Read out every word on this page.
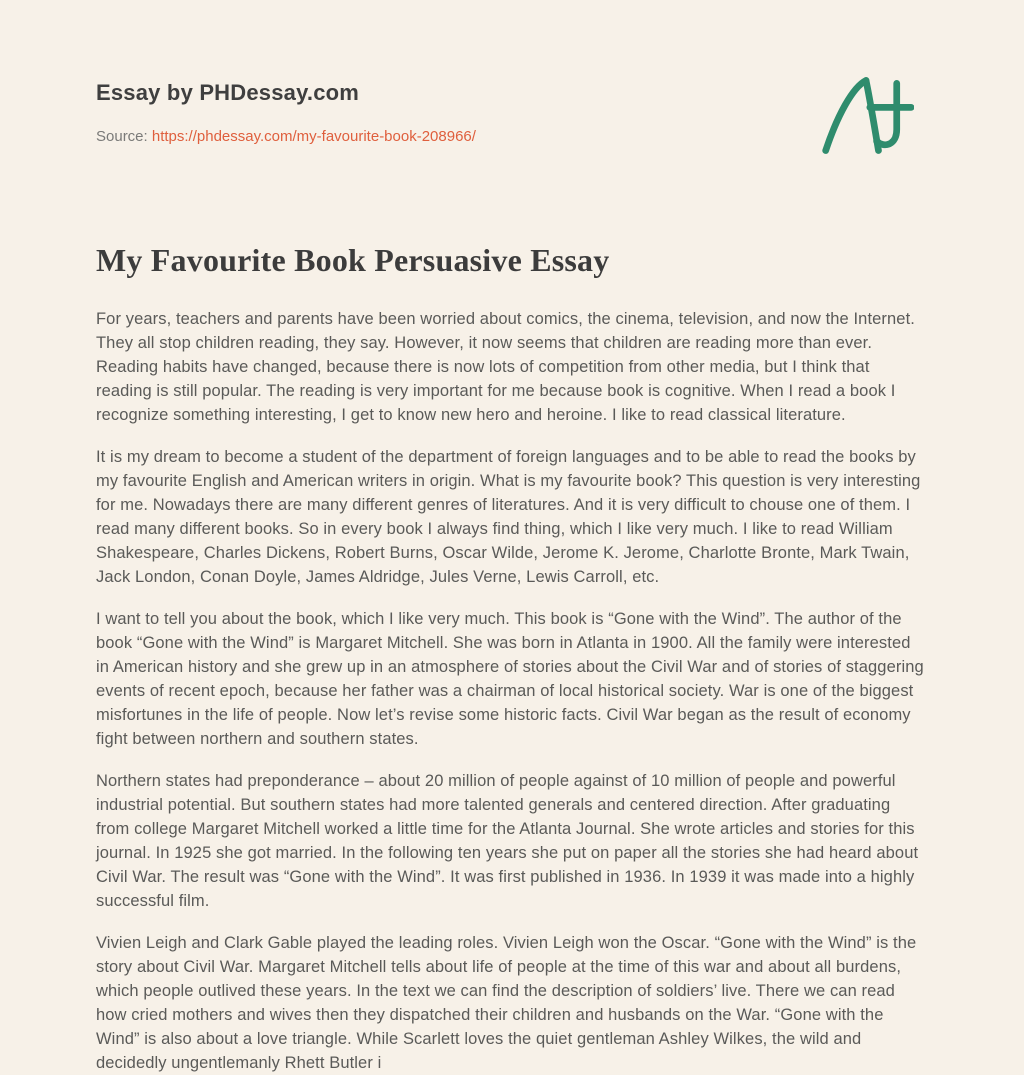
Essay by PHDessay.com
Source: https://phdessay.com/my-favourite-book-208966/
My Favourite Book Persuasive Essay

For years, teachers and parents have been worried about comics, the cinema, television, and now the Internet. They all stop children reading, they say. However, it now seems that children are reading more than ever. Reading habits have changed, because there is now lots of competition from other media, but I think that reading is still popular. The reading is very important for me because book is cognitive. When I read a book I recognize something interesting, I get to know new hero and heroine. I like to read classical literature.

It is my dream to become a student of the department of foreign languages and to be able to read the books by my favourite English and American writers in origin. What is my favourite book? This question is very interesting for me. Nowadays there are many different genres of literatures. And it is very difficult to chouse one of them. I read many different books. So in every book I always find thing, which I like very much. I like to read William Shakespeare, Charles Dickens, Robert Burns, Oscar Wilde, Jerome K. Jerome, Charlotte Bronte, Mark Twain, Jack London, Conan Doyle, James Aldridge, Jules Verne, Lewis Carroll, etc.

I want to tell you about the book, which I like very much. This book is “Gone with the Wind”. The author of the book “Gone with the Wind” is Margaret Mitchell. She was born in Atlanta in 1900. All the family were interested in American history and she grew up in an atmosphere of stories about the Civil War and of stories of staggering events of recent epoch, because her father was a chairman of local historical society. War is one of the biggest misfortunes in the life of people. Now let’s revise some historic facts. Civil War began as the result of economy fight between northern and southern states.

Northern states had preponderance – about 20 million of people against of 10 million of people and powerful industrial potential. But southern states had more talented generals and centered direction. After graduating from college Margaret Mitchell worked a little time for the Atlanta Journal. She wrote articles and stories for this journal. In 1925 she got married. In the following ten years she put on paper all the stories she had heard about Civil War. The result was “Gone with the Wind”. It was first published in 1936. In 1939 it was made into a highly successful film.

Vivien Leigh and Clark Gable played the leading roles. Vivien Leigh won the Oscar. “Gone with the Wind” is the story about Civil War. Margaret Mitchell tells about life of people at the time of this war and about all burdens, which people outlived these years. In the text we can find the description of soldiers’ live. There we can read how cried mothers and wives then they dispatched their children and husbands on the War. “Gone with the Wind” is also about a love triangle. While Scarlett loves the quiet gentleman Ashley Wilkes, the wild and decidedly ungentlemanly Rhett Butler i
